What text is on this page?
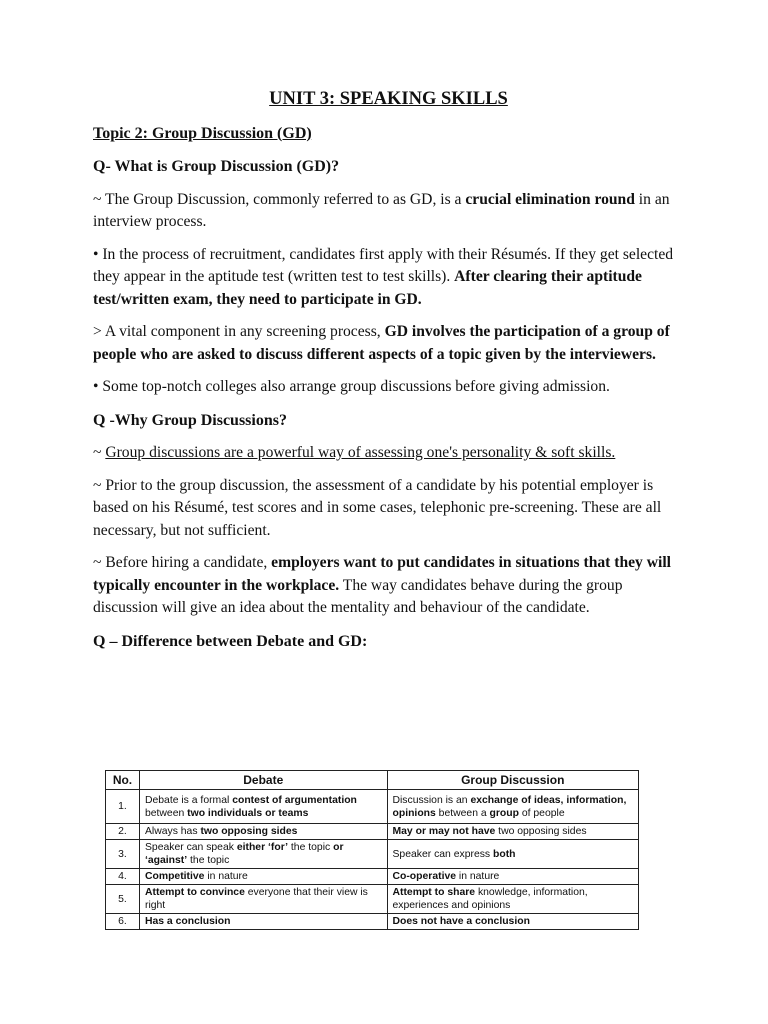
UNIT 3: SPEAKING SKILLS
Topic 2: Group Discussion (GD)
Q- What is Group Discussion (GD)?

~ The Group Discussion, commonly referred to as GD, is a crucial elimination round in an interview process.

• In the process of recruitment, candidates first apply with their Résumés. If they get selected they appear in the aptitude test (written test to test skills). After clearing their aptitude test/written exam, they need to participate in GD.

> A vital component in any screening process, GD involves the participation of a group of people who are asked to discuss different aspects of a topic given by the interviewers.

• Some top-notch colleges also arrange group discussions before giving admission.

Q -Why Group Discussions?

~ Group discussions are a powerful way of assessing one's personality & soft skills.

~ Prior to the group discussion, the assessment of a candidate by his potential employer is based on his Résumé, test scores and in some cases, telephonic pre-screening. These are all necessary, but not sufficient.

~ Before hiring a candidate, employers want to put candidates in situations that they will typically encounter in the workplace. The way candidates behave during the group discussion will give an idea about the mentality and behaviour of the candidate.

Q – Difference between Debate and GD:
No.	Debate	Group Discussion
1.	Debate is a formal contest of argumentation between two individuals or teams	Discussion is an exchange of ideas, information, opinions between a group of people
2.	Always has two opposing sides	May or may not have two opposing sides
3.	Speaker can speak either ‘for’ the topic or ‘against’ the topic	Speaker can express both
4.	Competitive in nature	Co-operative in nature
5.	Attempt to convince everyone that their view is right	Attempt to share knowledge, information, experiences and opinions
6.	Has a conclusion	Does not have a conclusion
